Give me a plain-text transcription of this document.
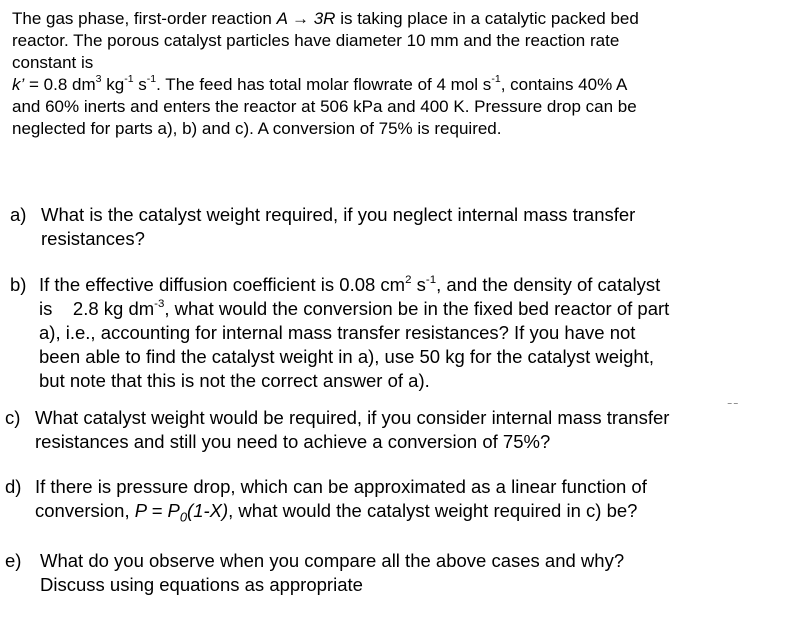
The gas phase, first-order reaction A → 3R is taking place in a catalytic packed bed
reactor. The porous catalyst particles have diameter 10 mm and the reaction rate
constant is
k’ = 0.8 $dm^3$ $kg^{-1}$ $s^{-1}$. The feed has total molar flowrate of 4 mol $s^{-1}$, contains 40% A
and 60% inerts and enters the reactor at 506 kPa and 400 K. Pressure drop can be
neglected for parts a), b) and c). A conversion of 75% is required.
a) What is the catalyst weight required, if you neglect internal mass transfer
resistances?
b) If the effective diffusion coefficient is 0.08 $cm^2$ $s^{-1}$, and the density of catalyst
is    2.8 kg $dm^{-3}$, what would the conversion be in the fixed bed reactor of part
a), i.e., accounting for internal mass transfer resistances? If you have not
been able to find the catalyst weight in a), use 50 kg for the catalyst weight,
but note that this is not the correct answer of a).
‾ ‾
c) What catalyst weight would be required, if you consider internal mass transfer
resistances and still you need to achieve a conversion of 75%?
d) If there is pressure drop, which can be approximated as a linear function of
conversion, $P = P_0(1-X)$, what would the catalyst weight required in c) be?
e) What do you observe when you compare all the above cases and why?
Discuss using equations as appropriate
